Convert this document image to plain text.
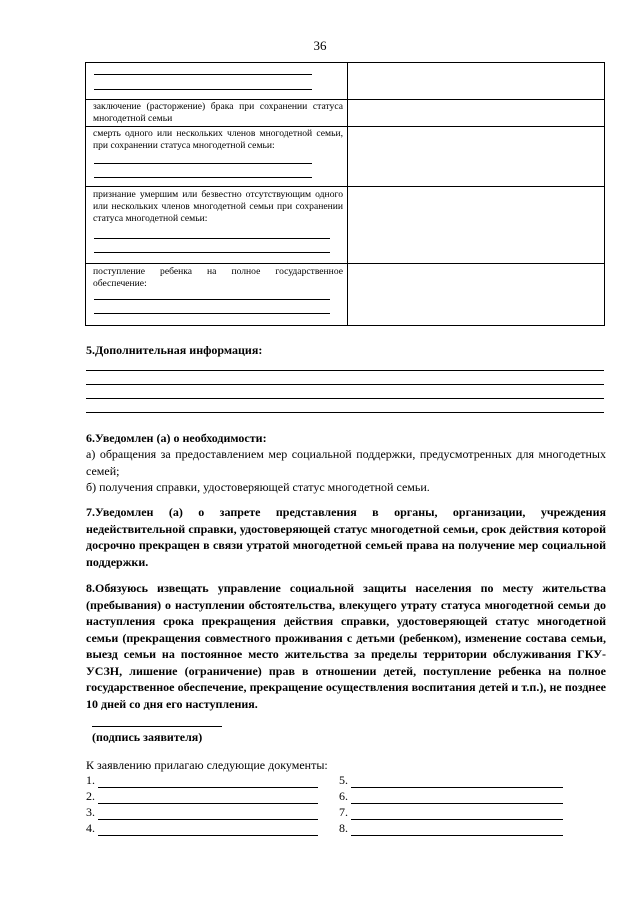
36
заключение (расторжение) брака при сохранении статуса многодетной семьи
смерть одного или нескольких членов многодетной семьи, при сохранении статуса многодетной семьи:
признание умершим или безвестно отсутствующим одного или нескольких членов многодетной семьи при сохранении статуса многодетной семьи:
поступление ребенка на полное государственное обеспечение:
5.Дополнительная информация:
6.Уведомлен (а) о необходимости:
а) обращения за предоставлением мер социальной поддержки, предусмотренных для многодетных семей;
б) получения справки, удостоверяющей статус многодетной семьи.
7.Уведомлен (а) о запрете представления в органы, организации, учреждения недействительной справки, удостоверяющей статус многодетной семьи, срок действия которой досрочно прекращен в связи утратой многодетной семьей права на получение мер социальной поддержки.
8.Обязуюсь извещать управление социальной защиты населения по месту жительства (пребывания) о наступлении обстоятельства, влекущего утрату статуса многодетной семьи до наступления срока прекращения действия справки, удостоверяющей статус многодетной семьи (прекращения совместного проживания с детьми (ребенком), изменение состава семьи, выезд семьи на постоянное место жительства за пределы территории обслуживания ГКУ-УСЗН, лишение (ограничение) прав в отношении детей, поступление ребенка на полное государственное обеспечение, прекращение осуществления воспитания детей и т.п.), не позднее 10 дней со дня его наступления.
(подпись заявителя)
К заявлению прилагаю следующие документы:
1.
2.
3.
4.
5.
6.
7.
8.
